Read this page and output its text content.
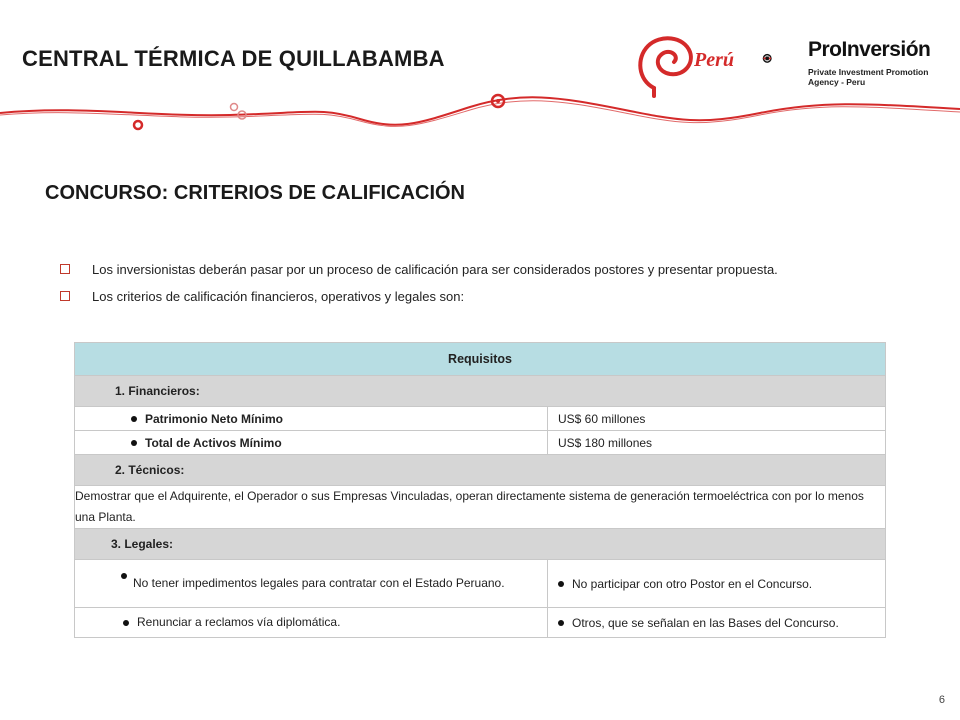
CENTRAL TÉRMICA DE QUILLABAMBA	Perú	ProInversión
Private Investment Promotion Agency - Peru
CONCURSO: CRITERIOS DE CALIFICACIÓN
Los inversionistas deberán pasar por un proceso de calificación para ser considerados postores y presentar propuesta.
Los criterios de calificación financieros, operativos y legales son:
Requisitos	
1. Financieros:	
Patrimonio Neto Mínimo	US$ 60 millones
Total de Activos Mínimo	US$ 180 millones
2. Técnicos:	
Demostrar que el Adquirente, el Operador o sus Empresas Vinculadas, operan directamente sistema de generación termoeléctrica con por lo menos una Planta.	
3. Legales:	

No tener impedimentos legales para contratar con el Estado Peruano.	No participar con otro Postor en el Concurso.
Renunciar a reclamos vía diplomática.	Otros, que se señalan en las Bases del Concurso.
6
